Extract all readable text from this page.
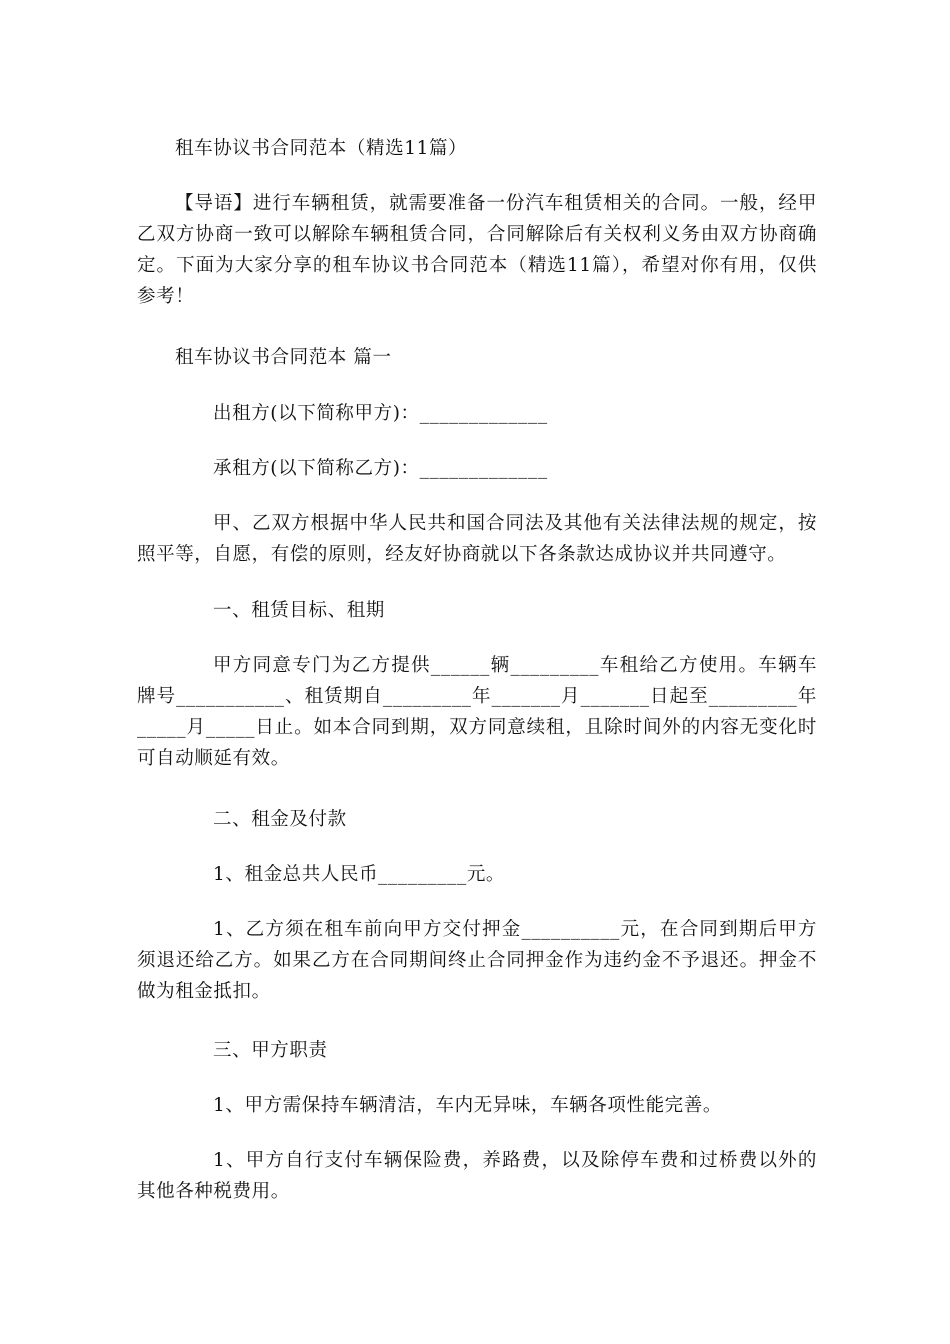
租车协议书合同范本（精选11篇）

【导语】进行车辆租赁，就需要准备一份汽车租赁相关的合同。一般，经甲乙双方协商一致可以解除车辆租赁合同，合同解除后有关权利义务由双方协商确定。下面为大家分享的租车协议书合同范本（精选11篇），希望对你有用，仅供参考！

租车协议书合同范本 篇一

出租方(以下简称甲方)：_____________

承租方(以下简称乙方)：_____________

甲、乙双方根据中华人民共和国合同法及其他有关法律法规的规定，按照平等，自愿，有偿的原则，经友好协商就以下各条款达成协议并共同遵守。

一、租赁目标、租期

甲方同意专门为乙方提供______辆_________车租给乙方使用。车辆车牌号___________、租赁期自_________年_______月_______日起至_________年_____月_____日止。如本合同到期，双方同意续租，且除时间外的内容无变化时可自动顺延有效。

二、租金及付款

1、租金总共人民币_________元。

1、乙方须在租车前向甲方交付押金__________元，在合同到期后甲方须退还给乙方。如果乙方在合同期间终止合同押金作为违约金不予退还。押金不做为租金抵扣。

三、甲方职责

1、甲方需保持车辆清洁，车内无异味，车辆各项性能完善。

1、甲方自行支付车辆保险费，养路费，以及除停车费和过桥费以外的其他各种税费用。
